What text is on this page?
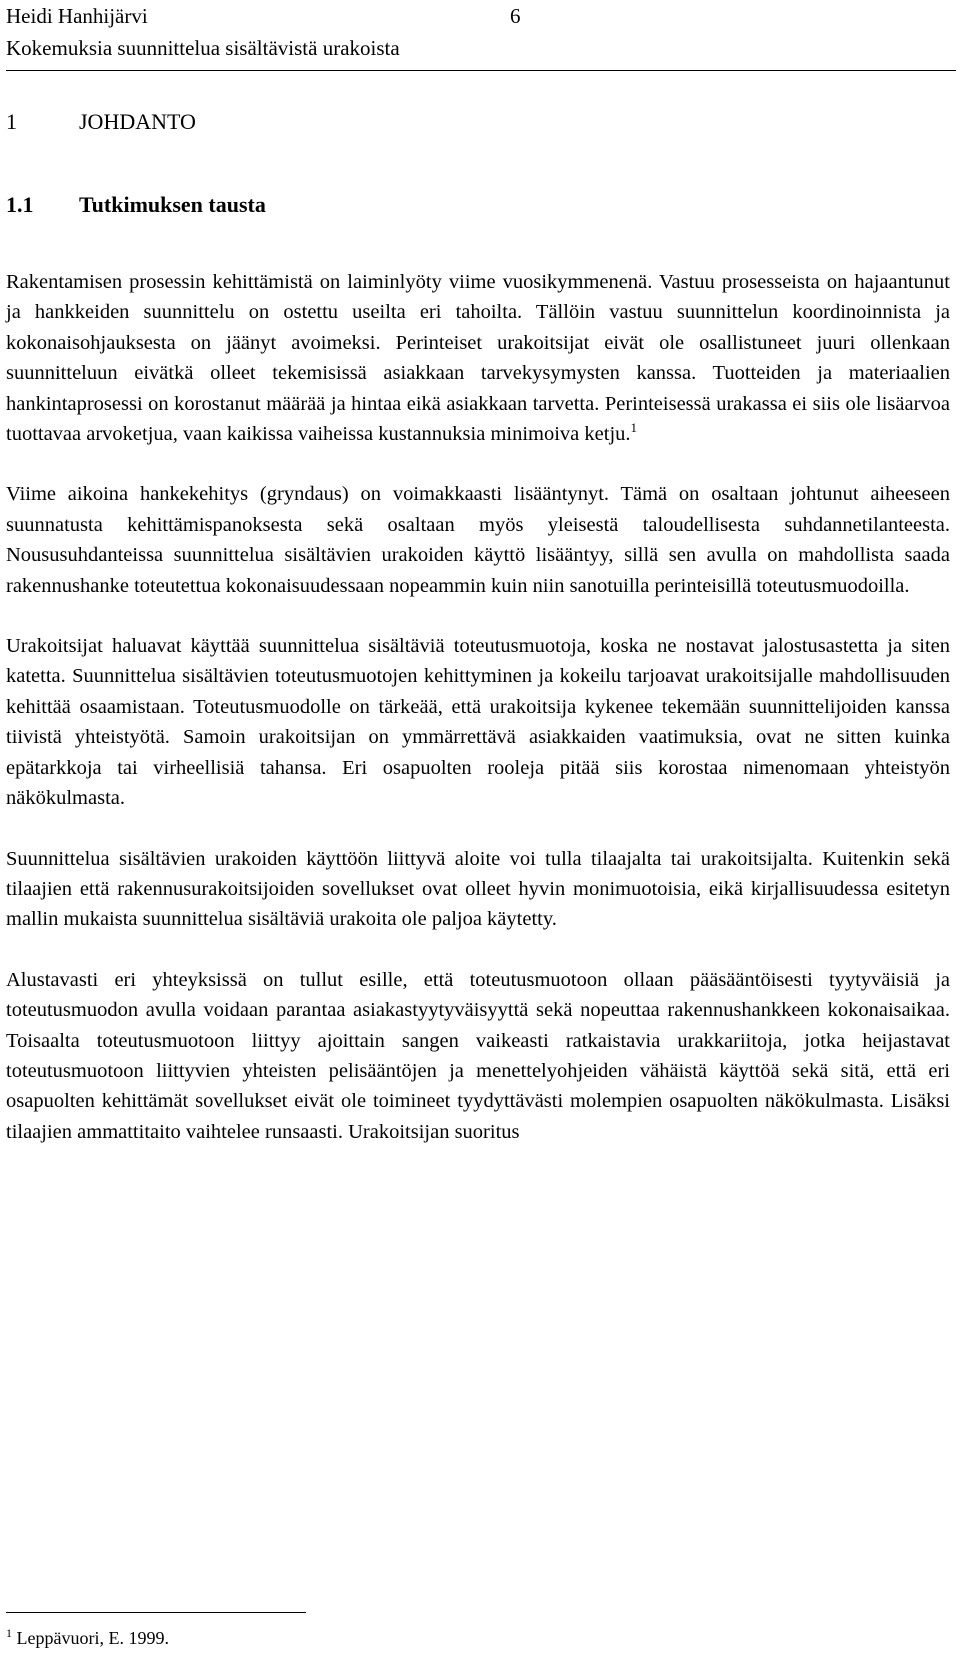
Heidi Hanhijärvi	6
Kokemuksia suunnittelua sisältävistä urakoista
1	JOHDANTO
1.1 Tutkimuksen tausta

Rakentamisen prosessin kehittämistä on laiminlyöty viime vuosikymmenenä. Vastuu prosesseista on hajaantunut ja hankkeiden suunnittelu on ostettu useilta eri tahoilta. Tällöin vastuu suunnittelun koordinoinnista ja kokonaisohjauksesta on jäänyt avoimeksi. Perinteiset urakoitsijat eivät ole osallistuneet juuri ollenkaan suunnitteluun eivätkä olleet tekemisissä asiakkaan tarvekysymysten kanssa. Tuotteiden ja materiaalien hankintaprosessi on korostanut määrää ja hintaa eikä asiakkaan tarvetta. Perinteisessä urakassa ei siis ole lisäarvoa tuottavaa arvoketjua, vaan kaikissa vaiheissa kustannuksia minimoiva ketju.$^1$

Viime aikoina hankekehitys (gryndaus) on voimakkaasti lisääntynyt. Tämä on osaltaan johtunut aiheeseen suunnatusta kehittämispanoksesta sekä osaltaan myös yleisestä taloudellisesta suhdannetilanteesta. Noususuhdanteissa suunnittelua sisältävien urakoiden käyttö lisääntyy, sillä sen avulla on mahdollista saada rakennushanke toteutettua kokonaisuudessaan nopeammin kuin niin sanotuilla perinteisillä toteutusmuodoilla.

Urakoitsijat haluavat käyttää suunnittelua sisältäviä toteutusmuotoja, koska ne nostavat jalostusastetta ja siten katetta. Suunnittelua sisältävien toteutusmuotojen kehittyminen ja kokeilu tarjoavat urakoitsijalle mahdollisuuden kehittää osaamistaan. Toteutusmuodolle on tärkeää, että urakoitsija kykenee tekemään suunnittelijoiden kanssa tiivistä yhteistyötä. Samoin urakoitsijan on ymmärrettävä asiakkaiden vaatimuksia, ovat ne sitten kuinka epätarkkoja tai virheellisiä tahansa. Eri osapuolten rooleja pitää siis korostaa nimenomaan yhteistyön näkökulmasta.

Suunnittelua sisältävien urakoiden käyttöön liittyvä aloite voi tulla tilaajalta tai urakoitsijalta. Kuitenkin sekä tilaajien että rakennusurakoitsijoiden sovellukset ovat olleet hyvin monimuotoisia, eikä kirjallisuudessa esitetyn mallin mukaista suunnittelua sisältäviä urakoita ole paljoa käytetty.

Alustavasti eri yhteyksissä on tullut esille, että toteutusmuotoon ollaan pääsääntöisesti tyytyväisiä ja toteutusmuodon avulla voidaan parantaa asiakastyytyväisyyttä sekä nopeuttaa rakennushankkeen kokonaisaikaa. Toisaalta toteutusmuotoon liittyy ajoittain sangen vaikeasti ratkaistavia urakkariitoja, jotka heijastavat toteutusmuotoon liittyvien yhteisten pelisääntöjen ja menettelyohjeiden vähäistä käyttöä sekä sitä, että eri osapuolten kehittämät sovellukset eivät ole toimineet tyydyttävästi molempien osapuolten näkökulmasta. Lisäksi tilaajien ammattitaito vaihtelee runsaasti. Urakoitsijan suoritus

$^1$ Leppävuori, E. 1999.
